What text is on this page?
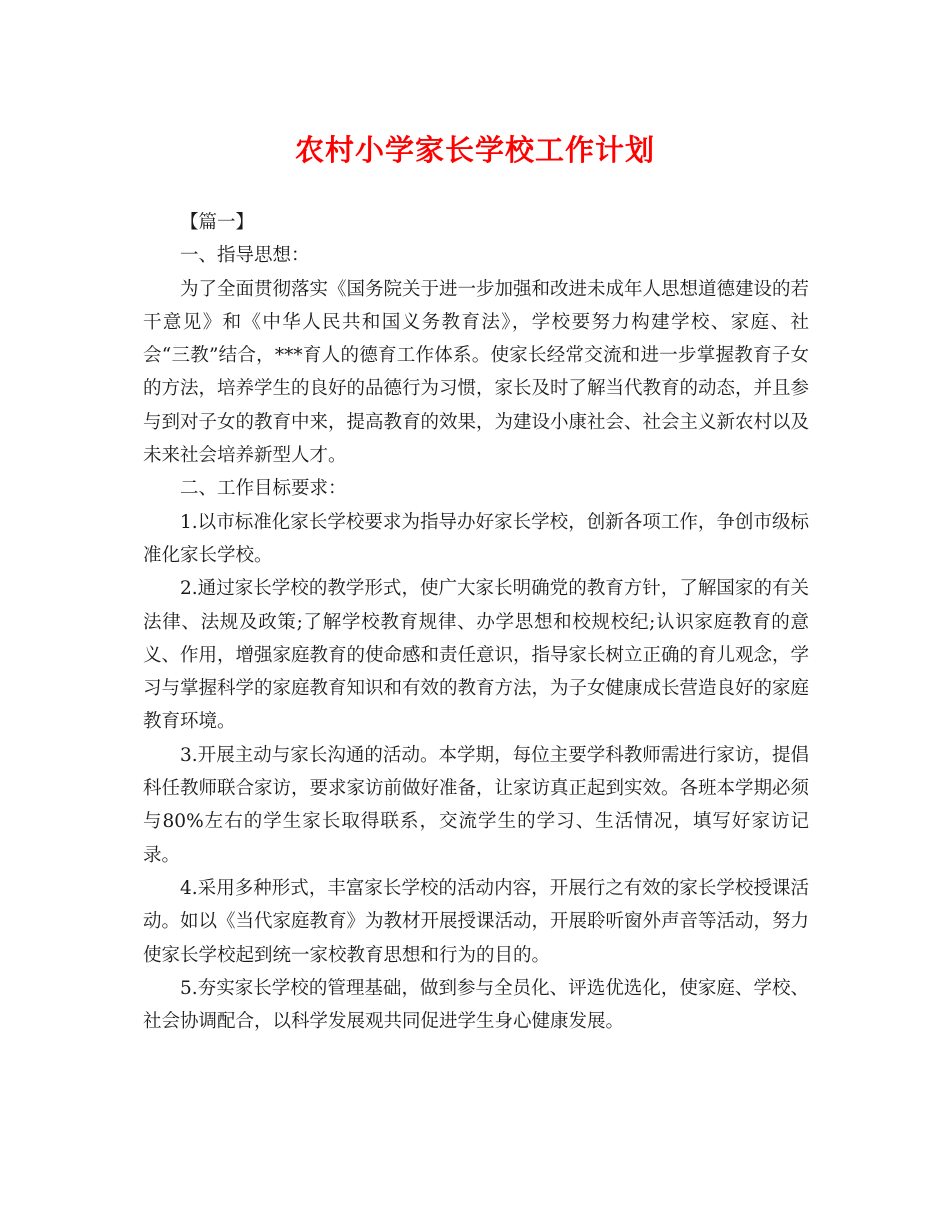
农村小学家长学校工作计划

【篇一】

一、指导思想：

为了全面贯彻落实《国务院关于进一步加强和改进未成年人思想道德建设的若干意见》和《中华人民共和国义务教育法》，学校要努力构建学校、家庭、社会“三教”结合，***育人的德育工作体系。使家长经常交流和进一步掌握教育子女的方法，培养学生的良好的品德行为习惯，家长及时了解当代教育的动态，并且参与到对子女的教育中来，提高教育的效果，为建设小康社会、社会主义新农村以及未来社会培养新型人才。

二、工作目标要求：

1.以市标准化家长学校要求为指导办好家长学校，创新各项工作，争创市级标准化家长学校。

2.通过家长学校的教学形式，使广大家长明确党的教育方针，了解国家的有关法律、法规及政策;了解学校教育规律、办学思想和校规校纪;认识家庭教育的意义、作用，增强家庭教育的使命感和责任意识，指导家长树立正确的育儿观念，学习与掌握科学的家庭教育知识和有效的教育方法，为子女健康成长营造良好的家庭教育环境。

3.开展主动与家长沟通的活动。本学期，每位主要学科教师需进行家访，提倡科任教师联合家访，要求家访前做好准备，让家访真正起到实效。各班本学期必须与80%左右的学生家长取得联系，交流学生的学习、生活情况，填写好家访记录。

4.采用多种形式，丰富家长学校的活动内容，开展行之有效的家长学校授课活动。如以《当代家庭教育》为教材开展授课活动，开展聆听窗外声音等活动，努力使家长学校起到统一家校教育思想和行为的目的。

5.夯实家长学校的管理基础，做到参与全员化、评选优选化，使家庭、学校、社会协调配合，以科学发展观共同促进学生身心健康发展。
